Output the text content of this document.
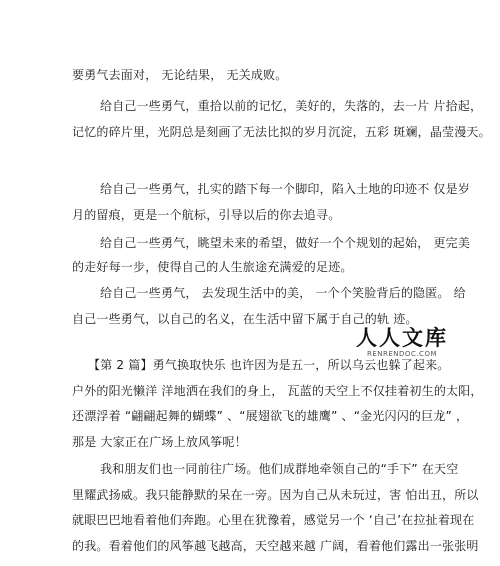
要勇气去面对， 无论结果， 无关成败。
给自己一些勇气，重拾以前的记忆，美好的，失落的，去一片 片拾起，
记忆的碎片里，光阴总是刻画了无法比拟的岁月沉淀，五彩 斑斓，晶莹漫天。
给自己一些勇气，扎实的踏下每一个脚印，陷入土地的印迹不 仅是岁
月的留痕，更是一个航标，引导以后的你去追寻。
给自己一些勇气，眺望未来的希望，做好一个个规划的起始， 更完美
的走好每一步，使得自己的人生旅途充满爱的足迹。
给自己一些勇气， 去发现生活中的美， 一个个笑脸背后的隐匿。 给
自己一些勇气，以自己的名义，在生活中留下属于自己的轨 迹。
【第 2 篇】勇气换取快乐 也许因为是五一，所以乌云也躲了起来。
户外的阳光懒洋 洋地洒在我们的身上， 瓦蓝的天空上不仅挂着初生的太阳，
还漂浮着 “翩翩起舞的蝴蝶” 、“展翅欲飞的雄鹰” 、“金光闪闪的巨龙” ，
那是 大家正在广场上放风筝呢！
我和朋友们也一同前往广场。他们成群地牵领自己的“手下” 在天空
里耀武扬威。我只能静默的呆在一旁。因为自己从未玩过，害 怕出丑，所以
就眼巴巴地看着他们奔跑。心里在犹豫着，感觉另一个 ‘自己’在拉扯着现在
的我。看着他们的风筝越飞越高，天空越来越 广阔，看着他们露出一张张明
人人文库
RENRENDOC.COM
